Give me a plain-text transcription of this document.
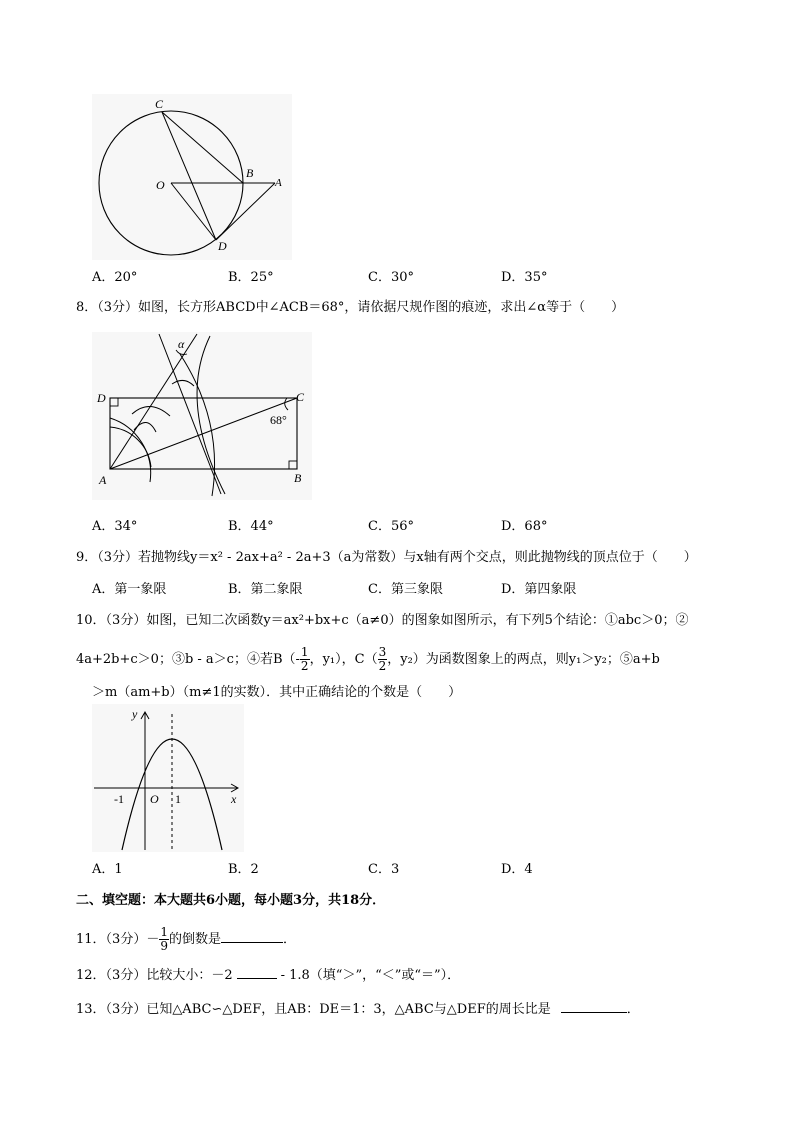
C
B
A
O
D
A．20°	B．25°	C．30°	D．35°
8．（3分）如图，长方形ABCD中∠ACB＝68°，请依据尺规作图的痕迹，求出∠α等于（　　）
α
D	C
68°
A	B
A．34°	B．44°	C．56°	D．68°
9．（3分）若抛物线y＝x² - 2ax+a² - 2a+3（a为常数）与x轴有两个交点，则此抛物线的顶点位于（　　）
A．第一象限	B．第二象限	C．第三象限	D．第四象限
10．（3分）如图，已知二次函数y＝ax²+bx+c（a≠0）的图象如图所示，有下列5个结论：①abc＞0；②
4a+2b+c＞0；③b - a＞c；④若$B(- \frac{1}{2}$ ，y₁），$C( \frac{3}{2}$ ，y₂）为函数图象上的两点，则y₁＞y₂；⑤a+b
＞m（am+b）（m≠1的实数）．其中正确结论的个数是（　　）
y
x
-1 O 1
A．1	B．2	C．3	D．4
二、填空题：本大题共6小题，每小题3分，共18分．
11．（3分）－ $\frac{1}{9}$ 的倒数是	．
12．（3分）比较大小：－2	- 1.8（填“＞”，“＜”或“＝”）．
13．（3分）已知△ABC∽△DEF，且AB：DE＝1：3，△ABC与△DEF的周长比是	．
